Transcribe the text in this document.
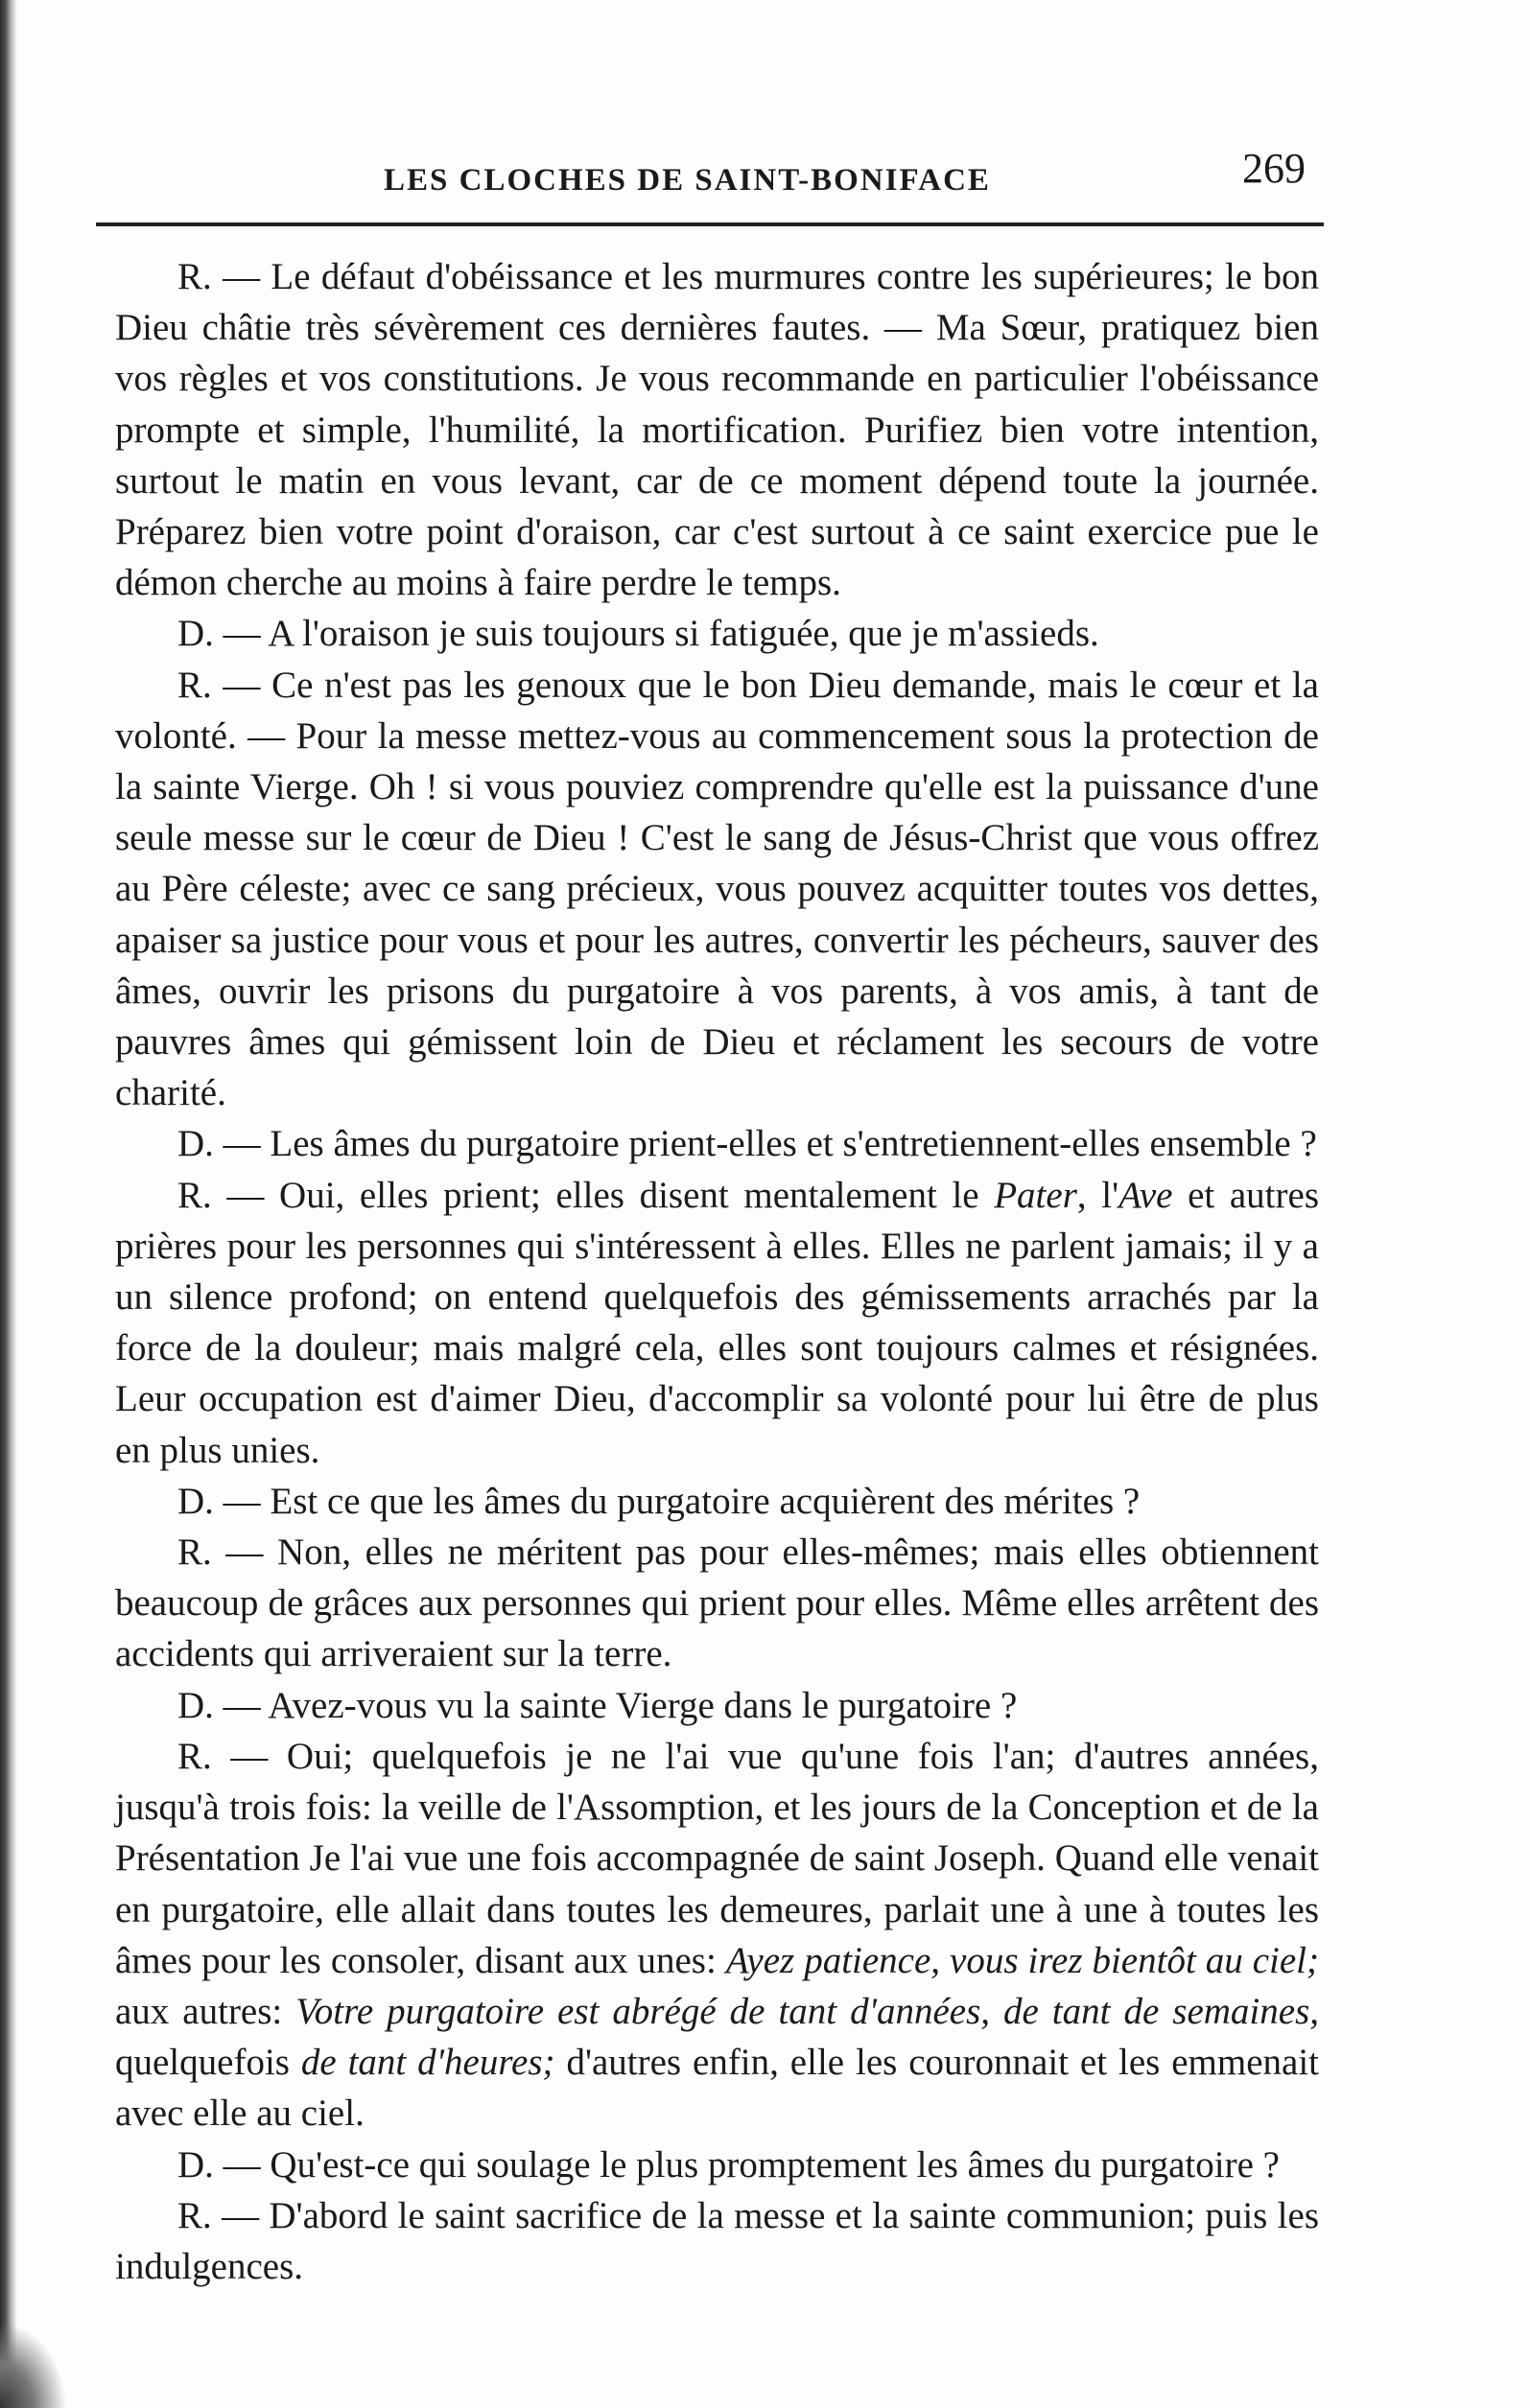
LES CLOCHES DE SAINT-BONIFACE	269

R. — Le défaut d'obéissance et les murmures contre les supérieures; le bon Dieu châtie très sévèrement ces dernières fautes. — Ma Sœur, pratiquez bien vos règles et vos constitutions. Je vous recommande en particulier l'obéissance prompte et simple, l'humilité, la mortification. Purifiez bien votre intention, surtout le matin en vous levant, car de ce moment dépend toute la journée. Préparez bien votre point d'oraison, car c'est surtout à ce saint exercice pue le démon cherche au moins à faire perdre le temps.

D. — A l'oraison je suis toujours si fatiguée, que je m'assieds.

R. — Ce n'est pas les genoux que le bon Dieu demande, mais le cœur et la volonté. — Pour la messe mettez-vous au commencement sous la protection de la sainte Vierge. Oh ! si vous pouviez comprendre qu'elle est la puissance d'une seule messe sur le cœur de Dieu ! C'est le sang de Jésus-Christ que vous offrez au Père céleste; avec ce sang précieux, vous pouvez acquitter toutes vos dettes, apaiser sa justice pour vous et pour les autres, convertir les pécheurs, sauver des âmes, ouvrir les prisons du purgatoire à vos parents, à vos amis, à tant de pauvres âmes qui gémissent loin de Dieu et réclament les secours de votre charité.

D. — Les âmes du purgatoire prient-elles et s'entretiennent-elles ensemble ?

R. — Oui, elles prient; elles disent mentalement le Pater, l'Ave et autres prières pour les personnes qui s'intéressent à elles. Elles ne parlent jamais; il y a un silence profond; on entend quelquefois des gémissements arrachés par la force de la douleur; mais malgré cela, elles sont toujours calmes et résignées. Leur occupation est d'aimer Dieu, d'accomplir sa volonté pour lui être de plus en plus unies.

D. — Est ce que les âmes du purgatoire acquièrent des mérites ?

R. — Non, elles ne méritent pas pour elles-mêmes; mais elles obtiennent beaucoup de grâces aux personnes qui prient pour elles. Même elles arrêtent des accidents qui arriveraient sur la terre.

D. — Avez-vous vu la sainte Vierge dans le purgatoire ?

R. — Oui; quelquefois je ne l'ai vue qu'une fois l'an; d'autres années, jusqu'à trois fois: la veille de l'Assomption, et les jours de la Conception et de la Présentation Je l'ai vue une fois accompagnée de saint Joseph. Quand elle venait en purgatoire, elle allait dans toutes les demeures, parlait une à une à toutes les âmes pour les consoler, disant aux unes: Ayez patience, vous irez bientôt au ciel; aux autres: Votre purgatoire est abrégé de tant d'années, de tant de semaines, quelquefois de tant d'heures; d'autres enfin, elle les couronnait et les emmenait avec elle au ciel.

D. — Qu'est-ce qui soulage le plus promptement les âmes du purgatoire ?

R. — D'abord le saint sacrifice de la messe et la sainte communion; puis les indulgences.
